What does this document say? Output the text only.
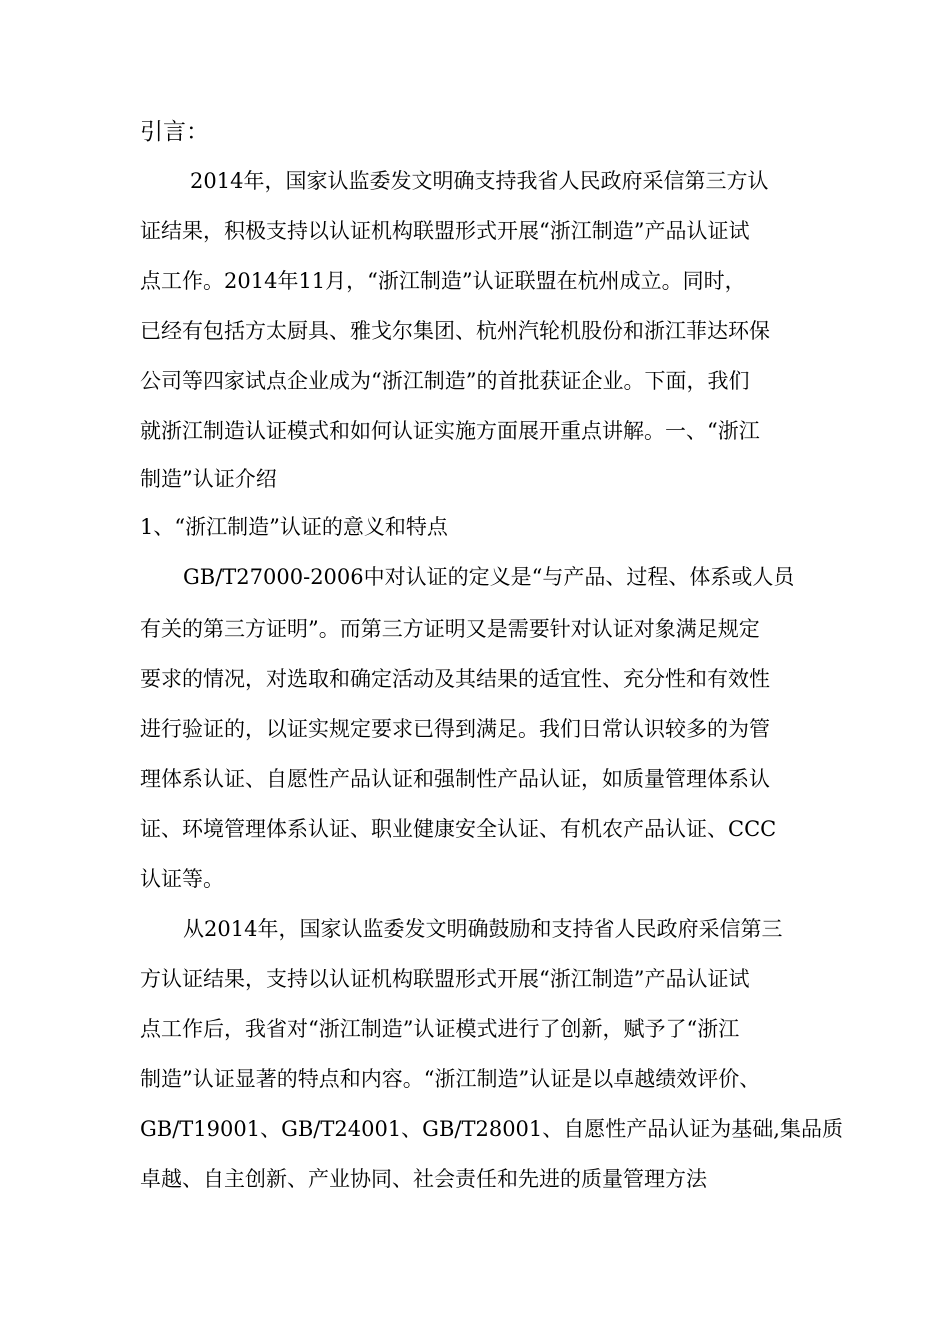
引言：

2014年，国家认监委发文明确支持我省人民政府采信第三方认

证结果，积极支持以认证机构联盟形式开展“浙江制造”产品认证试

点工作。2014年11月，“浙江制造”认证联盟在杭州成立。同时，

已经有包括方太厨具、雅戈尔集团、杭州汽轮机股份和浙江菲达环保

公司等四家试点企业成为“浙江制造”的首批获证企业。下面，我们

就浙江制造认证模式和如何认证实施方面展开重点讲解。一、“浙江

制造”认证介绍

1、“浙江制造”认证的意义和特点

GB/T27000-2006中对认证的定义是“与产品、过程、体系或人员

有关的第三方证明”。而第三方证明又是需要针对认证对象满足规定

要求的情况，对选取和确定活动及其结果的适宜性、充分性和有效性

进行验证的，以证实规定要求已得到满足。我们日常认识较多的为管

理体系认证、自愿性产品认证和强制性产品认证，如质量管理体系认

证、环境管理体系认证、职业健康安全认证、有机农产品认证、CCC

认证等。

从2014年，国家认监委发文明确鼓励和支持省人民政府采信第三

方认证结果，支持以认证机构联盟形式开展“浙江制造”产品认证试

点工作后，我省对“浙江制造”认证模式进行了创新，赋予了“浙江

制造”认证显著的特点和内容。“浙江制造”认证是以卓越绩效评价、

GB/T19001、GB/T24001、GB/T28001、自愿性产品认证为基础,集品质

卓越、自主创新、产业协同、社会责任和先进的质量管理方法
